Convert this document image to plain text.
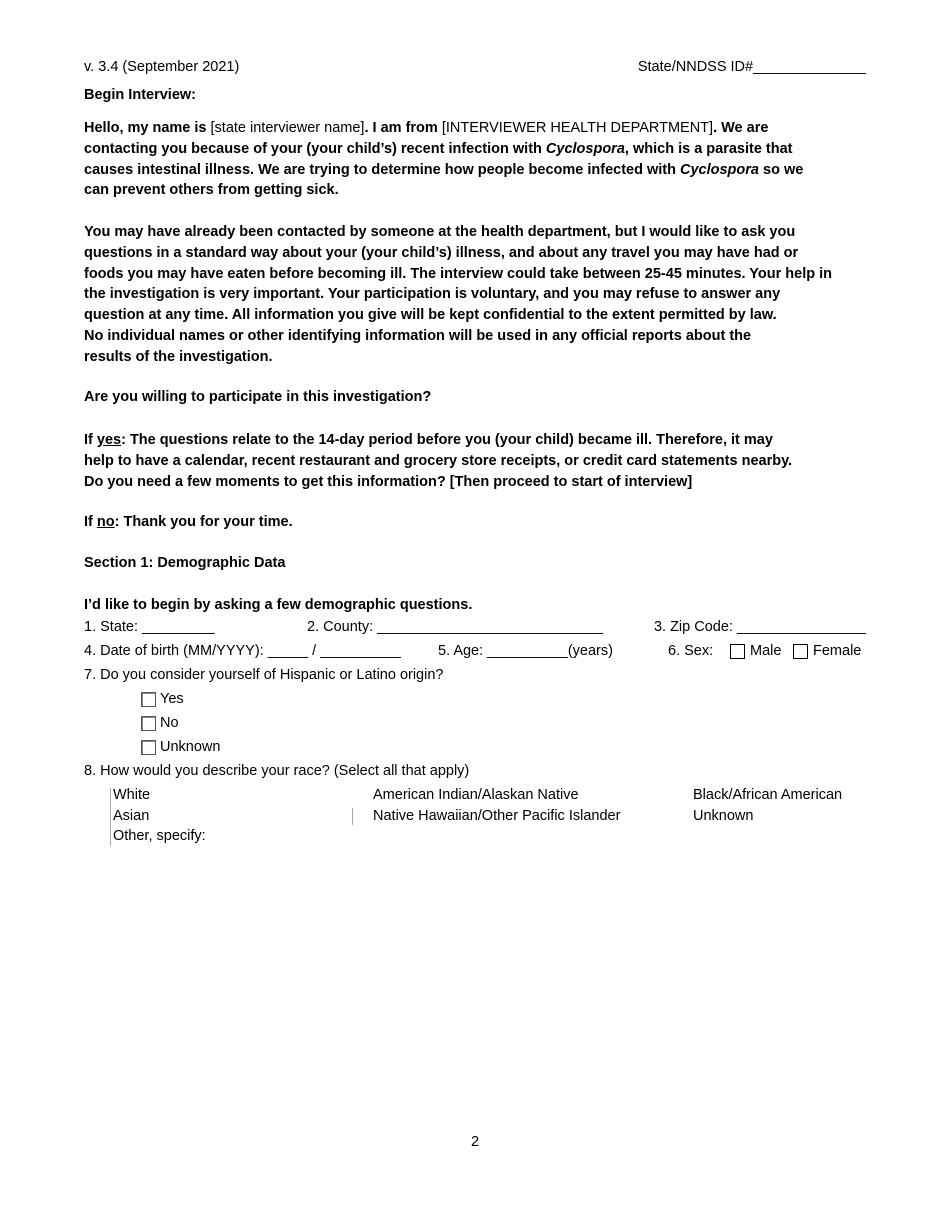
v. 3.4 (September 2021)	State/NNDSS ID#______________
Begin Interview:
Hello, my name is [state interviewer name]. I am from [INTERVIEWER HEALTH DEPARTMENT]. We are
contacting you because of your (your child’s) recent infection with Cyclospora, which is a parasite that
causes intestinal illness. We are trying to determine how people become infected with Cyclospora so we
can prevent others from getting sick.
You may have already been contacted by someone at the health department, but I would like to ask you
questions in a standard way about your (your child’s) illness, and about any travel you may have had or
foods you may have eaten before becoming ill. The interview could take between 25-45 minutes. Your help in
the investigation is very important. Your participation is voluntary, and you may refuse to answer any
question at any time. All information you give will be kept confidential to the extent permitted by law.
No individual names or other identifying information will be used in any official reports about the
results of the investigation.
Are you willing to participate in this investigation?
If yes: The questions relate to the 14-day period before you (your child) became ill. Therefore, it may
help to have a calendar, recent restaurant and grocery store receipts, or credit card statements nearby.
Do you need a few moments to get this information? [Then proceed to start of interview]
If no: Thank you for your time.
Section 1: Demographic Data
I’d like to begin by asking a few demographic questions.
1. State: _________	2. County: ____________________________	3. Zip Code: ________________
4. Date of birth (MM/YYYY): _____ / __________	5. Age: __________(years)	6. Sex:	Male Female
7. Do you consider yourself of Hispanic or Latino origin?
Yes
No
Unknown
8. How would you describe your race? (Select all that apply)
White	American Indian/Alaskan Native	Black/African American
Asian	Native Hawaiian/Other Pacific Islander	Unknown
Other, specify:
2
